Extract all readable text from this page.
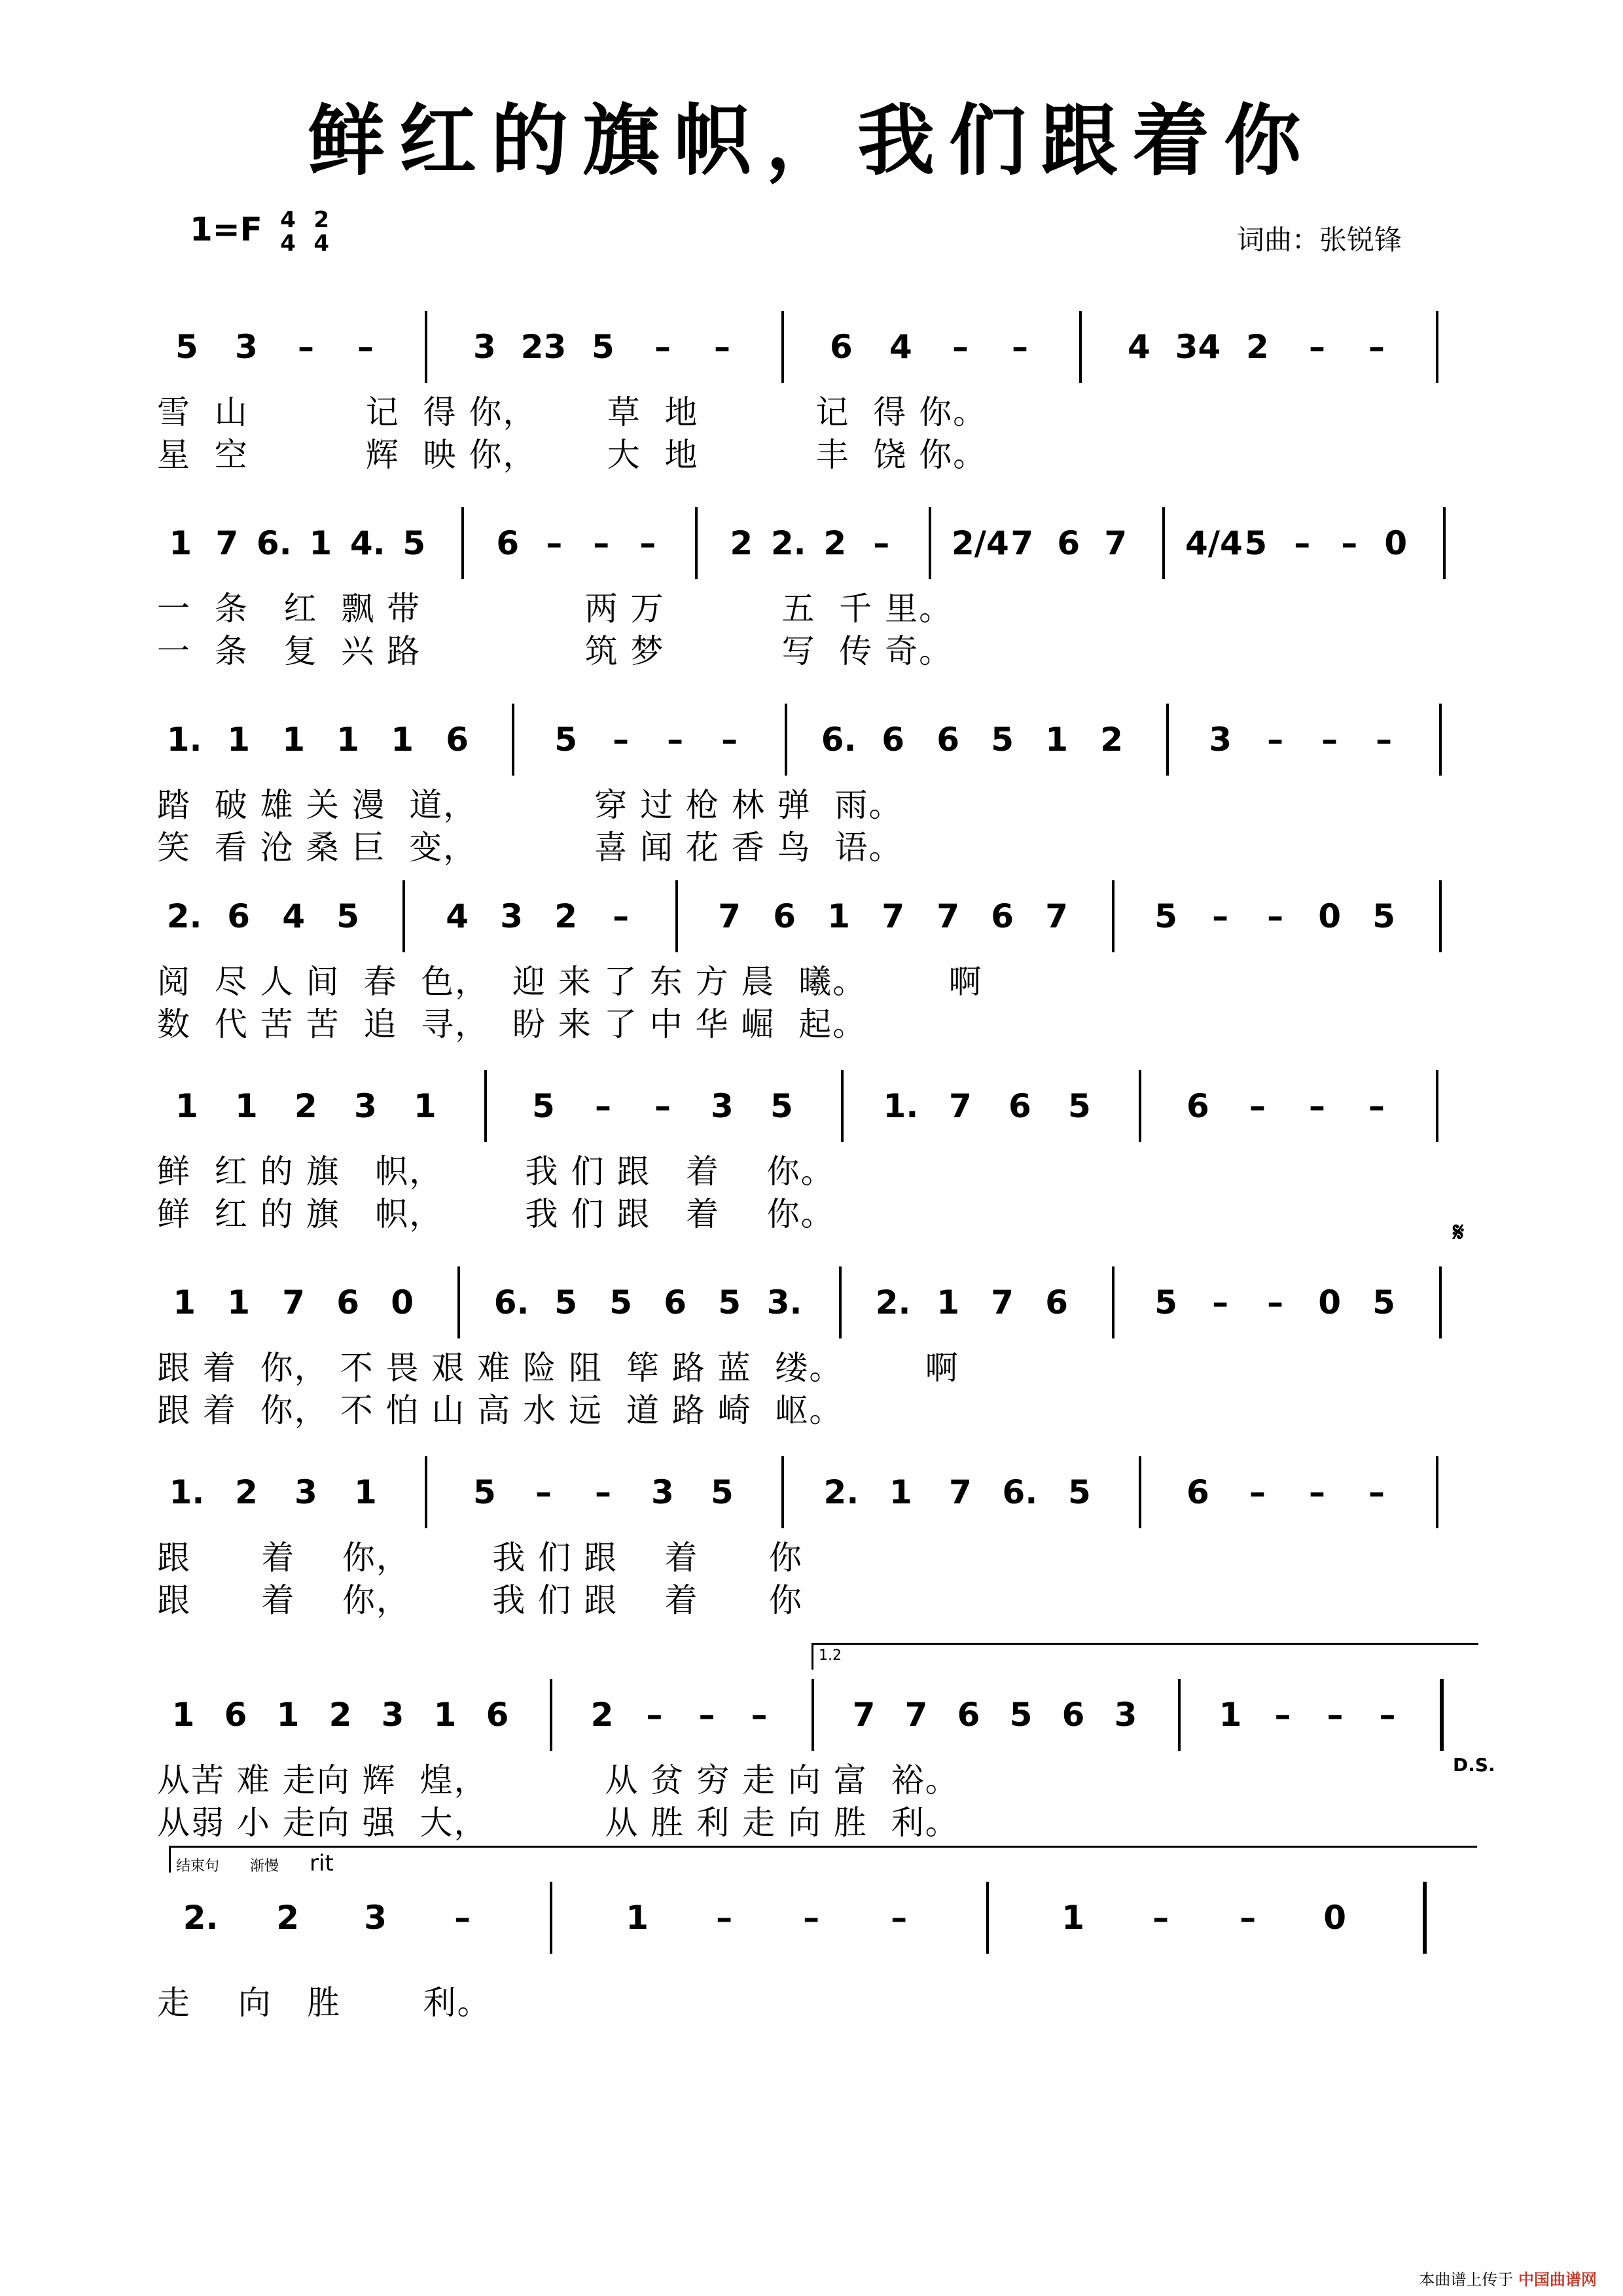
鲜红的旗帜，我们跟着你
1=F 4
4 2
4	词曲：张锐锋
5	3	–	–	3 23 5	–	–	6	4	–	–	4 34 2	–	–
雪  山          记  得 你，      草  地          记  得 你。
星  空          辉  映 你，      大  地          丰  饶 你。
1 7 6. 1 4. 5	6 – – –	2 2. 2 –	2/4 7 6 7	4/4 5 – – 0
一  条   红  飘 带              两 万          五  千 里。
一  条   复  兴 路              筑 梦          写  传 奇。
1. 1 1 1 1 6	5	–	–	–	6. 6 6 5 1 2	3	–	–	–
踏  破 雄 关 漫  道，          穿 过 枪 林 弹  雨。
笑  看 沧 桑 巨  变，          喜 闻 花 香 鸟  语。
2. 6 4 5	4 3 2	–	7 6 1 7 7 6 7	5	–	–	0 5
阅  尽 人 间  春  色，  迎 来 了 东 方 晨  曦。       啊
数  代 苦 苦  追  寻，  盼 来 了 中 华 崛  起。
1	1	2	3	1	5	–	–	3	5	1. 7	6	5	6	–	–	–
鲜  红 的 旗   帜，       我 们 跟   着    你。
鲜  红 的 旗   帜，       我 们 跟   着    你。
1 1 7 6 0	6. 5 5 6 5 3. 2. 1 7 6	5	–	–	0 5
跟 着  你， 不 畏 艰 难 险 阻  筚 路 蓝  缕。       啊
跟 着  你， 不 怕 山 高 水 远  道 路 崎  岖。
1. 2	3	1	5	–	–	3	5	2. 1	7 6. 5	6	–	–	–
跟      着    你，       我 们 跟    着      你
跟      着    你，       我 们 跟    着      你
1 6 1 2 3 1 6	2	–	–	–	7 7 6 5 6 3	1	–	–	–
从苦 难 走向 辉  煌，          从 贫 穷 走 向 富  裕。
从弱 小 走向 强  大，          从 胜 利 走 向 胜  利。
2.	2	3	–	1	–	–	–	1	–	–	0
走    向   胜       利。
𝄋
D.S.
1.2
结束句 渐慢 rit
本曲谱上传于 中国曲谱网
